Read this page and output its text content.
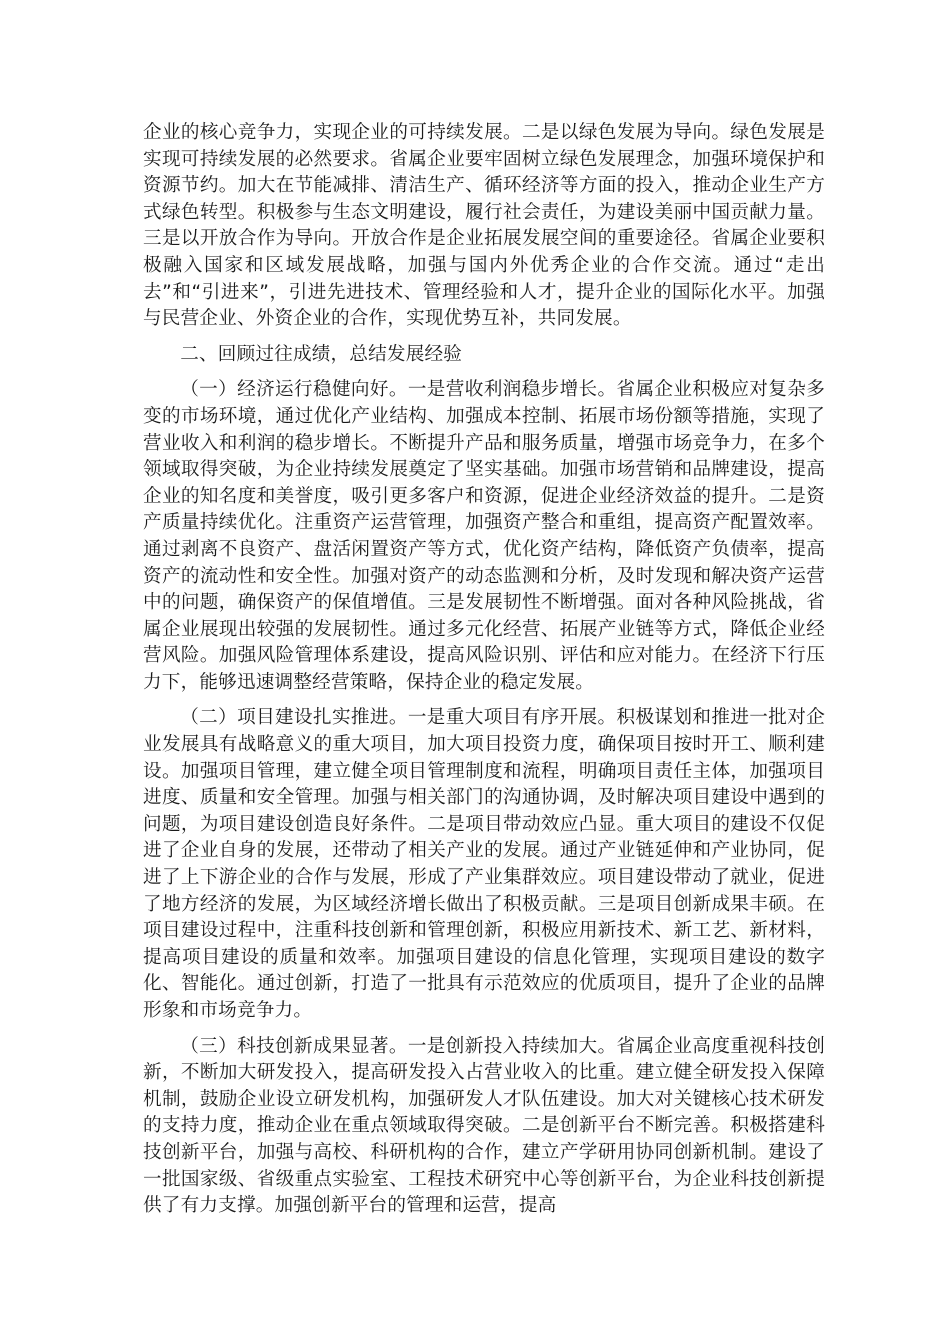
企业的核心竞争力，实现企业的可持续发展。二是以绿色发展为导向。绿色发展是实现可持续发展的必然要求。省属企业要牢固树立绿色发展理念，加强环境保护和资源节约。加大在节能减排、清洁生产、循环经济等方面的投入，推动企业生产方式绿色转型。积极参与生态文明建设，履行社会责任，为建设美丽中国贡献力量。三是以开放合作为导向。开放合作是企业拓展发展空间的重要途径。省属企业要积极融入国家和区域发展战略，加强与国内外优秀企业的合作交流。通过“走出去”和“引进来”，引进先进技术、管理经验和人才，提升企业的国际化水平。加强与民营企业、外资企业的合作，实现优势互补，共同发展。

二、回顾过往成绩，总结发展经验

（一）经济运行稳健向好。一是营收利润稳步增长。省属企业积极应对复杂多变的市场环境，通过优化产业结构、加强成本控制、拓展市场份额等措施，实现了营业收入和利润的稳步增长。不断提升产品和服务质量，增强市场竞争力，在多个领域取得突破，为企业持续发展奠定了坚实基础。加强市场营销和品牌建设，提高企业的知名度和美誉度，吸引更多客户和资源，促进企业经济效益的提升。二是资产质量持续优化。注重资产运营管理，加强资产整合和重组，提高资产配置效率。通过剥离不良资产、盘活闲置资产等方式，优化资产结构，降低资产负债率，提高资产的流动性和安全性。加强对资产的动态监测和分析，及时发现和解决资产运营中的问题，确保资产的保值增值。三是发展韧性不断增强。面对各种风险挑战，省属企业展现出较强的发展韧性。通过多元化经营、拓展产业链等方式，降低企业经营风险。加强风险管理体系建设，提高风险识别、评估和应对能力。在经济下行压力下，能够迅速调整经营策略，保持企业的稳定发展。

（二）项目建设扎实推进。一是重大项目有序开展。积极谋划和推进一批对企业发展具有战略意义的重大项目，加大项目投资力度，确保项目按时开工、顺利建设。加强项目管理，建立健全项目管理制度和流程，明确项目责任主体，加强项目进度、质量和安全管理。加强与相关部门的沟通协调，及时解决项目建设中遇到的问题，为项目建设创造良好条件。二是项目带动效应凸显。重大项目的建设不仅促进了企业自身的发展，还带动了相关产业的发展。通过产业链延伸和产业协同，促进了上下游企业的合作与发展，形成了产业集群效应。项目建设带动了就业，促进了地方经济的发展，为区域经济增长做出了积极贡献。三是项目创新成果丰硕。在项目建设过程中，注重科技创新和管理创新，积极应用新技术、新工艺、新材料，提高项目建设的质量和效率。加强项目建设的信息化管理，实现项目建设的数字化、智能化。通过创新，打造了一批具有示范效应的优质项目，提升了企业的品牌形象和市场竞争力。

（三）科技创新成果显著。一是创新投入持续加大。省属企业高度重视科技创新，不断加大研发投入，提高研发投入占营业收入的比重。建立健全研发投入保障机制，鼓励企业设立研发机构，加强研发人才队伍建设。加大对关键核心技术研发的支持力度，推动企业在重点领域取得突破。二是创新平台不断完善。积极搭建科技创新平台，加强与高校、科研机构的合作，建立产学研用协同创新机制。建设了一批国家级、省级重点实验室、工程技术研究中心等创新平台，为企业科技创新提供了有力支撑。加强创新平台的管理和运营，提高
